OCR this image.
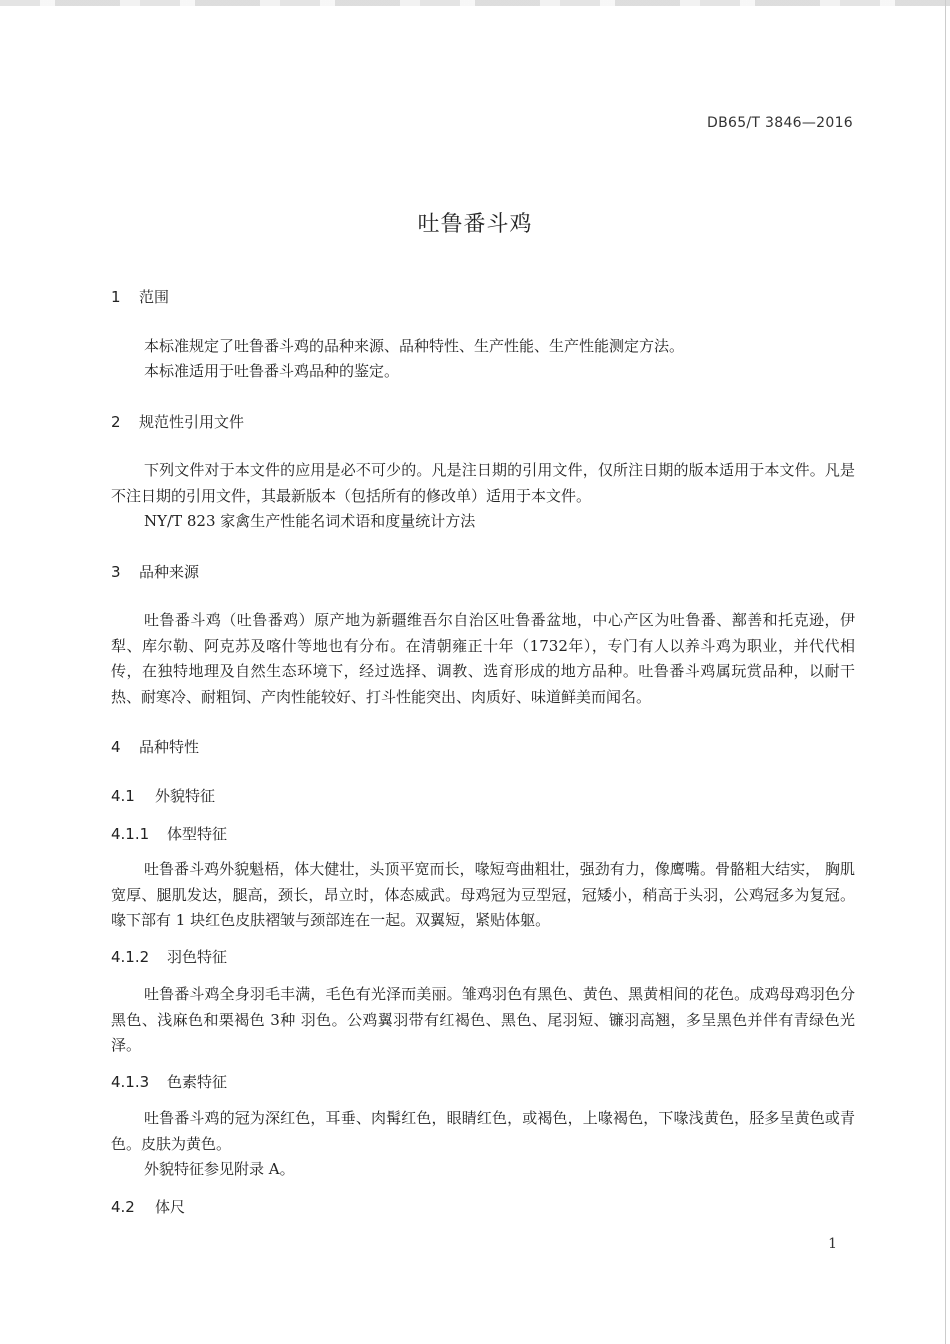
DB65/T 3846—2016
吐鲁番斗鸡
1 范围
本标准规定了吐鲁番斗鸡的品种来源、品种特性、生产性能、生产性能测定方法。
本标准适用于吐鲁番斗鸡品种的鉴定。
2 规范性引用文件
下列文件对于本文件的应用是必不可少的。凡是注日期的引用文件，仅所注日期的版本适用于本文件。凡是不注日期的引用文件，其最新版本（包括所有的修改单）适用于本文件。
NY/T 823 家禽生产性能名词术语和度量统计方法
3 品种来源
吐鲁番斗鸡（吐鲁番鸡）原产地为新疆维吾尔自治区吐鲁番盆地，中心产区为吐鲁番、鄯善和托克逊，伊犁、库尔勒、阿克苏及喀什等地也有分布。在清朝雍正十年（1732年），专门有人以养斗鸡为职业，并代代相传，在独特地理及自然生态环境下，经过选择、调教、选育形成的地方品种。吐鲁番斗鸡属玩赏品种，以耐干热、耐寒冷、耐粗饲、产肉性能较好、打斗性能突出、肉质好、味道鲜美而闻名。
4 品种特性
4.1 外貌特征
4.1.1 体型特征
吐鲁番斗鸡外貌魁梧，体大健壮，头顶平宽而长，喙短弯曲粗壮，强劲有力，像鹰嘴。骨骼粗大结实， 胸肌宽厚、腿肌发达，腿高，颈长，昂立时，体态威武。母鸡冠为豆型冠，冠矮小，稍高于头羽，公鸡冠多为复冠。喙下部有 1 块红色皮肤褶皱与颈部连在一起。双翼短，紧贴体躯。
4.1.2 羽色特征
吐鲁番斗鸡全身羽毛丰满，毛色有光泽而美丽。雏鸡羽色有黑色、黄色、黑黄相间的花色。成鸡母鸡羽色分黑色、浅麻色和栗褐色 3种 羽色。公鸡翼羽带有红褐色、黑色、尾羽短、镰羽高翘，多呈黑色并伴有青绿色光泽。
4.1.3 色素特征
吐鲁番斗鸡的冠为深红色，耳垂、肉髯红色，眼睛红色，或褐色，上喙褐色，下喙浅黄色，胫多呈黄色或青色。皮肤为黄色。
外貌特征参见附录 A。
4.2 体尺
1
